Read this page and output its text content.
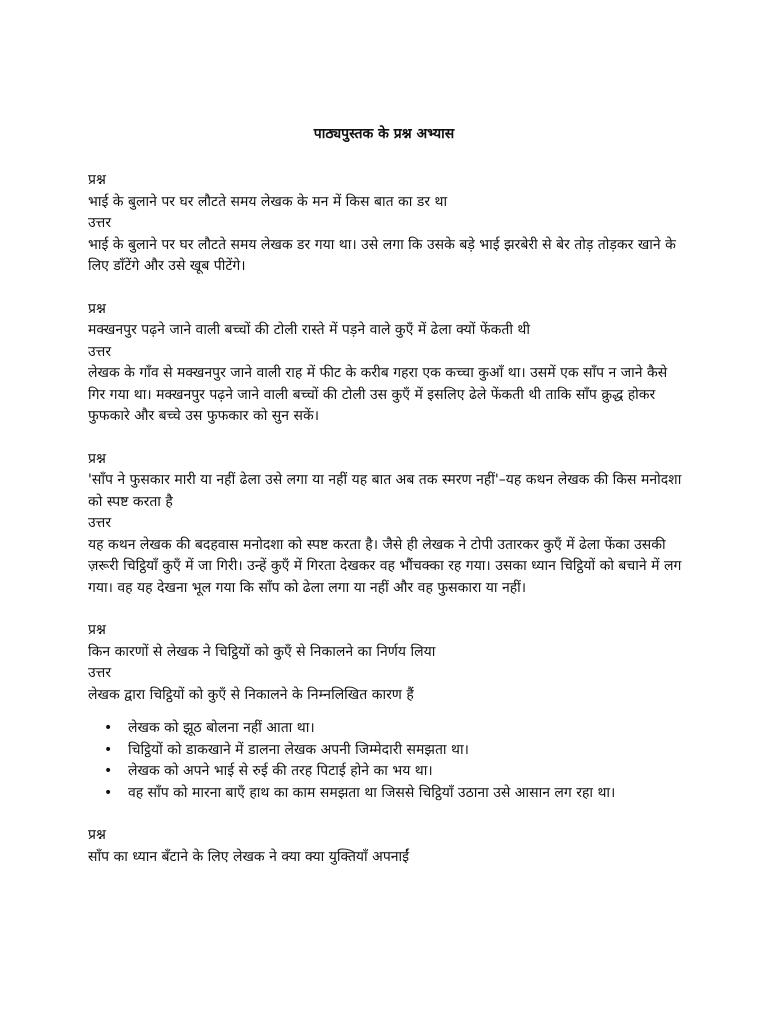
पाठ्यपुस्तक के प्रश्न अभ्यास
प्रश्न
भाई के बुलाने पर घर लौटते समय लेखक के मन में किस बात का डर था
उत्तर
भाई के बुलाने पर घर लौटते समय लेखक डर गया था। उसे लगा कि उसके बड़े भाई झरबेरी से बेर तोड़ तोड़कर खाने के लिए डाँटेंगे और उसे खूब पीटेंगे।
प्रश्न
मक्खनपुर पढ़ने जाने वाली बच्चों की टोली रास्ते में पड़ने वाले कुएँ में ढेला क्यों फेंकती थी
उत्तर
लेखक के गाँव से मक्खनपुर जाने वाली राह में फीट के करीब गहरा एक कच्चा कुआँ था। उसमें एक साँप न जाने कैसे गिर गया था। मक्खनपुर पढ़ने जाने वाली बच्चों की टोली उस कुएँ में इसलिए ढेले फेंकती थी ताकि साँप क्रुद्ध होकर फुफकारे और बच्चे उस फुफकार को सुन सकें।
प्रश्न
'साँप ने फुसकार मारी या नहीं ढेला उसे लगा या नहीं यह बात अब तक स्मरण नहीं'–यह कथन लेखक की किस मनोदशा को स्पष्ट करता है
उत्तर
यह कथन लेखक की बदहवास मनोदशा को स्पष्ट करता है। जैसे ही लेखक ने टोपी उतारकर कुएँ में ढेला फेंका उसकी ज़रूरी चिट्ठियाँ कुएँ में जा गिरी। उन्हें कुएँ में गिरता देखकर वह भौंचक्का रह गया। उसका ध्यान चिट्ठियों को बचाने में लग गया। वह यह देखना भूल गया कि साँप को ढेला लगा या नहीं और वह फुसकारा या नहीं।
प्रश्न
किन कारणों से लेखक ने चिट्ठियों को कुएँ से निकालने का निर्णय लिया
उत्तर
लेखक द्वारा चिट्ठियों को कुएँ से निकालने के निम्नलिखित कारण हैं
• लेखक को झूठ बोलना नहीं आता था।
• चिट्ठियों को डाकखाने में डालना लेखक अपनी जिम्मेदारी समझता था।
• लेखक को अपने भाई से रुई की तरह पिटाई होने का भय था।
• वह साँप को मारना बाएँ हाथ का काम समझता था जिससे चिट्ठियाँ उठाना उसे आसान लग रहा था।
प्रश्न
साँप का ध्यान बँटाने के लिए लेखक ने क्या क्या युक्तियाँ अपनाईं
